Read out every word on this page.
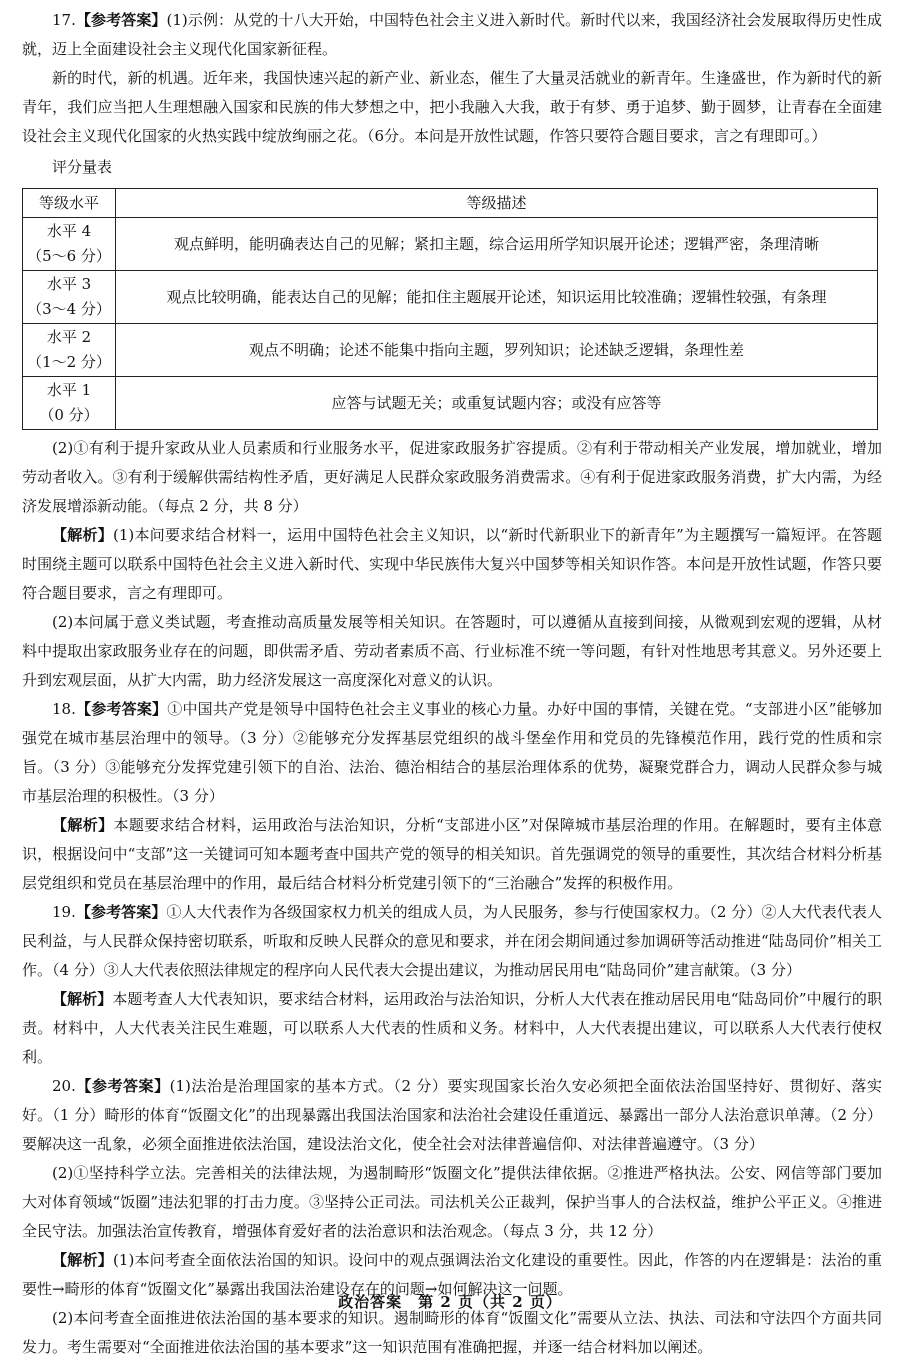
17.【参考答案】(1)示例：从党的十八大开始，中国特色社会主义进入新时代。新时代以来，我国经济社会发展取得历史性成就，迈上全面建设社会主义现代化国家新征程。

新的时代，新的机遇。近年来，我国快速兴起的新产业、新业态，催生了大量灵活就业的新青年。生逢盛世，作为新时代的新青年，我们应当把人生理想融入国家和民族的伟大梦想之中，把小我融入大我，敢于有梦、勇于追梦、勤于圆梦，让青春在全面建设社会主义现代化国家的火热实践中绽放绚丽之花。（6分。本问是开放性试题，作答只要符合题目要求，言之有理即可。）

评分量表
等级水平	等级描述

水平 4
（5～6 分）	观点鲜明，能明确表达自己的见解；紧扣主题，综合运用所学知识展开论述；逻辑严密，条理清晰

水平 3
（3～4 分）	观点比较明确，能表达自己的见解；能扣住主题展开论述，知识运用比较准确；逻辑性较强，有条理

水平 2
（1～2 分）	观点不明确；论述不能集中指向主题，罗列知识；论述缺乏逻辑，条理性差

水平 1
（0 分）	应答与试题无关；或重复试题内容；或没有应答等

(2)①有利于提升家政从业人员素质和行业服务水平，促进家政服务扩容提质。②有利于带动相关产业发展，增加就业，增加劳动者收入。③有利于缓解供需结构性矛盾，更好满足人民群众家政服务消费需求。④有利于促进家政服务消费，扩大内需，为经济发展增添新动能。（每点 2 分，共 8 分）

【解析】(1)本问要求结合材料一，运用中国特色社会主义知识，以“新时代新职业下的新青年”为主题撰写一篇短评。在答题时围绕主题可以联系中国特色社会主义进入新时代、实现中华民族伟大复兴中国梦等相关知识作答。本问是开放性试题，作答只要符合题目要求，言之有理即可。

(2)本问属于意义类试题，考查推动高质量发展等相关知识。在答题时，可以遵循从直接到间接，从微观到宏观的逻辑，从材料中提取出家政服务业存在的问题，即供需矛盾、劳动者素质不高、行业标准不统一等问题，有针对性地思考其意义。另外还要上升到宏观层面，从扩大内需，助力经济发展这一高度深化对意义的认识。

18.【参考答案】①中国共产党是领导中国特色社会主义事业的核心力量。办好中国的事情，关键在党。“支部进小区”能够加强党在城市基层治理中的领导。（3 分）②能够充分发挥基层党组织的战斗堡垒作用和党员的先锋模范作用，践行党的性质和宗旨。（3 分）③能够充分发挥党建引领下的自治、法治、德治相结合的基层治理体系的优势，凝聚党群合力，调动人民群众参与城市基层治理的积极性。（3 分）

【解析】本题要求结合材料，运用政治与法治知识，分析“支部进小区”对保障城市基层治理的作用。在解题时，要有主体意识，根据设问中“支部”这一关键词可知本题考查中国共产党的领导的相关知识。首先强调党的领导的重要性，其次结合材料分析基层党组织和党员在基层治理中的作用，最后结合材料分析党建引领下的“三治融合”发挥的积极作用。

19.【参考答案】①人大代表作为各级国家权力机关的组成人员，为人民服务，参与行使国家权力。（2 分）②人大代表代表人民利益，与人民群众保持密切联系，听取和反映人民群众的意见和要求，并在闭会期间通过参加调研等活动推进“陆岛同价”相关工作。（4 分）③人大代表依照法律规定的程序向人民代表大会提出建议，为推动居民用电“陆岛同价”建言献策。（3 分）

【解析】本题考查人大代表知识，要求结合材料，运用政治与法治知识，分析人大代表在推动居民用电“陆岛同价”中履行的职责。材料中，人大代表关注民生难题，可以联系人大代表的性质和义务。材料中，人大代表提出建议，可以联系人大代表行使权利。

20.【参考答案】(1)法治是治理国家的基本方式。（2 分）要实现国家长治久安必须把全面依法治国坚持好、贯彻好、落实好。（1 分）畸形的体育“饭圈文化”的出现暴露出我国法治国家和法治社会建设任重道远、暴露出一部分人法治意识单薄。（2 分）要解决这一乱象，必须全面推进依法治国，建设法治文化，使全社会对法律普遍信仰、对法律普遍遵守。（3 分）

(2)①坚持科学立法。完善相关的法律法规，为遏制畸形“饭圈文化”提供法律依据。②推进严格执法。公安、网信等部门要加大对体育领域“饭圈”违法犯罪的打击力度。③坚持公正司法。司法机关公正裁判，保护当事人的合法权益，维护公平正义。④推进全民守法。加强法治宣传教育，增强体育爱好者的法治意识和法治观念。（每点 3 分，共 12 分）

【解析】(1)本问考查全面依法治国的知识。设问中的观点强调法治文化建设的重要性。因此，作答的内在逻辑是：法治的重要性→畸形的体育“饭圈文化”暴露出我国法治建设存在的问题→如何解决这一问题。

(2)本问考查全面推进依法治国的基本要求的知识。遏制畸形的体育“饭圈文化”需要从立法、执法、司法和守法四个方面共同发力。考生需要对“全面推进依法治国的基本要求”这一知识范围有准确把握，并逐一结合材料加以阐述。

政治答案　第 2 页（共 2 页）
